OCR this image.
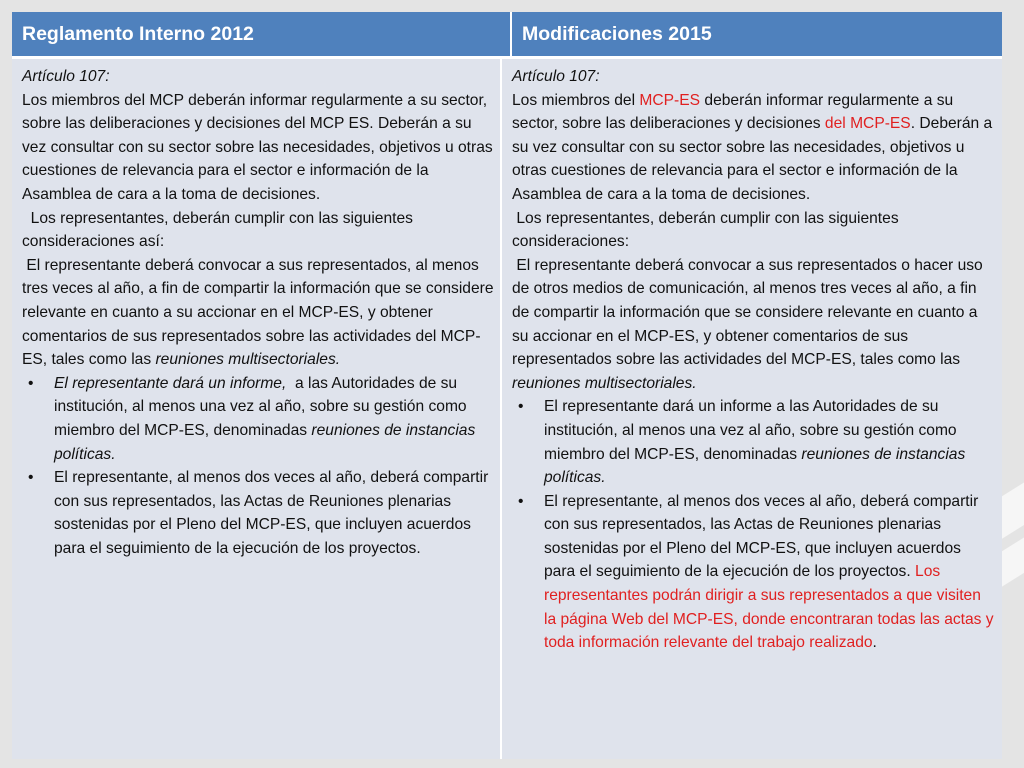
Reglamento Interno 2012	Modificaciones 2015
Artículo 107:

Los miembros del MCP deberán informar regularmente a su sector, sobre las deliberaciones y decisiones del MCP ES. Deberán a su vez consultar con su sector sobre las necesidades, objetivos u otras cuestiones de relevancia para el sector e información de la Asamblea de cara a la toma de decisiones.

Los representantes, deberán cumplir con las siguientes consideraciones así:

El representante deberá convocar a sus representados, al menos tres veces al año, a fin de compartir la información que se considere relevante en cuanto a su accionar en el MCP-ES, y obtener comentarios de sus representados sobre las actividades del MCP-ES, tales como las reuniones multisectoriales.

• El representante dará un informe,  a las Autoridades de su institución, al menos una vez al año, sobre su gestión como miembro del MCP-ES, denominadas reuniones de instancias políticas.
• El representante, al menos dos veces al año, deberá compartir con sus representados, las Actas de Reuniones plenarias sostenidas por el Pleno del MCP-ES, que incluyen acuerdos para el seguimiento de la ejecución de los proyectos.
Artículo 107:

Los miembros del MCP-ES deberán informar regularmente a su sector, sobre las deliberaciones y decisiones del MCP-ES. Deberán a su vez consultar con su sector sobre las necesidades, objetivos u otras cuestiones de relevancia para el sector e información de la Asamblea de cara a la toma de decisiones.

Los representantes, deberán cumplir con las siguientes consideraciones:

El representante deberá convocar a sus representados o hacer uso de otros medios de comunicación, al menos tres veces al año, a fin de compartir la información que se considere relevante en cuanto a su accionar en el MCP-ES, y obtener comentarios de sus representados sobre las actividades del MCP-ES, tales como las reuniones multisectoriales.

• El representante dará un informe a las Autoridades de su institución, al menos una vez al año, sobre su gestión como miembro del MCP-ES, denominadas reuniones de instancias políticas.
• El representante, al menos dos veces al año, deberá compartir con sus representados, las Actas de Reuniones plenarias sostenidas por el Pleno del MCP-ES, que incluyen acuerdos para el seguimiento de la ejecución de los proyectos. Los representantes podrán dirigir a sus representados a que visiten la página Web del MCP-ES, donde encontraran todas las actas y toda información relevante del trabajo realizado.
